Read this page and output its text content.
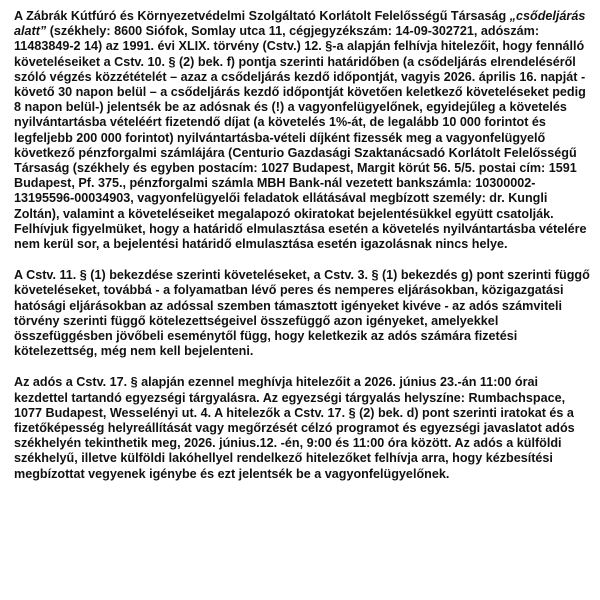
A Zábrák Kútfúró és Környezetvédelmi Szolgáltató Korlátolt Felelősségű Társaság „csődeljárás alatt” (székhely: 8600 Siófok, Somlay utca 11, cégjegyzékszám: 14-09-302721, adószám: 11483849-2 14) az 1991. évi XLIX. törvény (Cstv.) 12. §-a alapján felhívja hitelezőit, hogy fennálló követeléseiket a Cstv. 10. § (2) bek. f) pontja szerinti határidőben (a csődeljárás elrendeléséről szóló végzés közzétételét – azaz a csődeljárás kezdő időpontját, vagyis 2026. április 16. napját - követő 30 napon belül – a csődeljárás kezdő időpontját követően keletkező követeléseket pedig 8 napon belül-) jelentsék be az adósnak és (!) a vagyonfelügyelőnek, egyidejűleg a követelés nyilvántartásba vételéért fizetendő díjat (a követelés 1%-át, de legalább 10 000 forintot és legfeljebb 200 000 forintot) nyilvántartásba-vételi díjként fizessék meg a vagyonfelügyelő következő pénzforgalmi számlájára (Centurio Gazdasági Szaktanácsadó Korlátolt Felelősségű Társaság (székhely és egyben postacím: 1027 Budapest, Margit körút 56. 5/5. postai cím: 1591 Budapest, Pf. 375., pénzforgalmi számla MBH Bank-nál vezetett bankszámla: 10300002-13195596-00034903, vagyonfelügyelői feladatok ellátásával megbízott személy: dr. Kungli Zoltán), valamint a követeléseiket megalapozó okiratokat bejelentésükkel együtt csatolják.

Felhívjuk figyelmüket, hogy a határidő elmulasztása esetén a követelés nyilvántartásba vételére nem kerül sor, a bejelentési határidő elmulasztása esetén igazolásnak nincs helye.

A Cstv. 11. § (1) bekezdése szerinti követeléseket, a Cstv. 3. § (1) bekezdés g) pont szerinti függő követeléseket, továbbá - a folyamatban lévő peres és nemperes eljárásokban, közigazgatási hatósági eljárásokban az adóssal szemben támasztott igényeket kivéve - az adós számviteli törvény szerinti függő kötelezettségeivel összefüggő azon igényeket, amelyekkel összefüggésben jövőbeli eseménytől függ, hogy keletkezik az adós számára fizetési kötelezettség, még nem kell bejelenteni.

Az adós a Cstv. 17. § alapján ezennel meghívja hitelezőit a 2026. június 23.-án 11:00 órai kezdettel tartandó egyezségi tárgyalásra. Az egyezségi tárgyalás helyszíne: Rumbachspace, 1077 Budapest, Wesselényi ut. 4. A hitelezők a Cstv. 17. § (2) bek. d) pont szerinti iratokat és a fizetőképesség helyreállítását vagy megőrzését célzó programot és egyezségi javaslatot adós székhelyén tekinthetik meg, 2026. június.12. -én, 9:00 és 11:00 óra között. Az adós a külföldi székhelyű, illetve külföldi lakóhellyel rendelkező hitelezőket felhívja arra, hogy kézbesítési megbízottat vegyenek igénybe és ezt jelentsék be a vagyonfelügyelőnek.
